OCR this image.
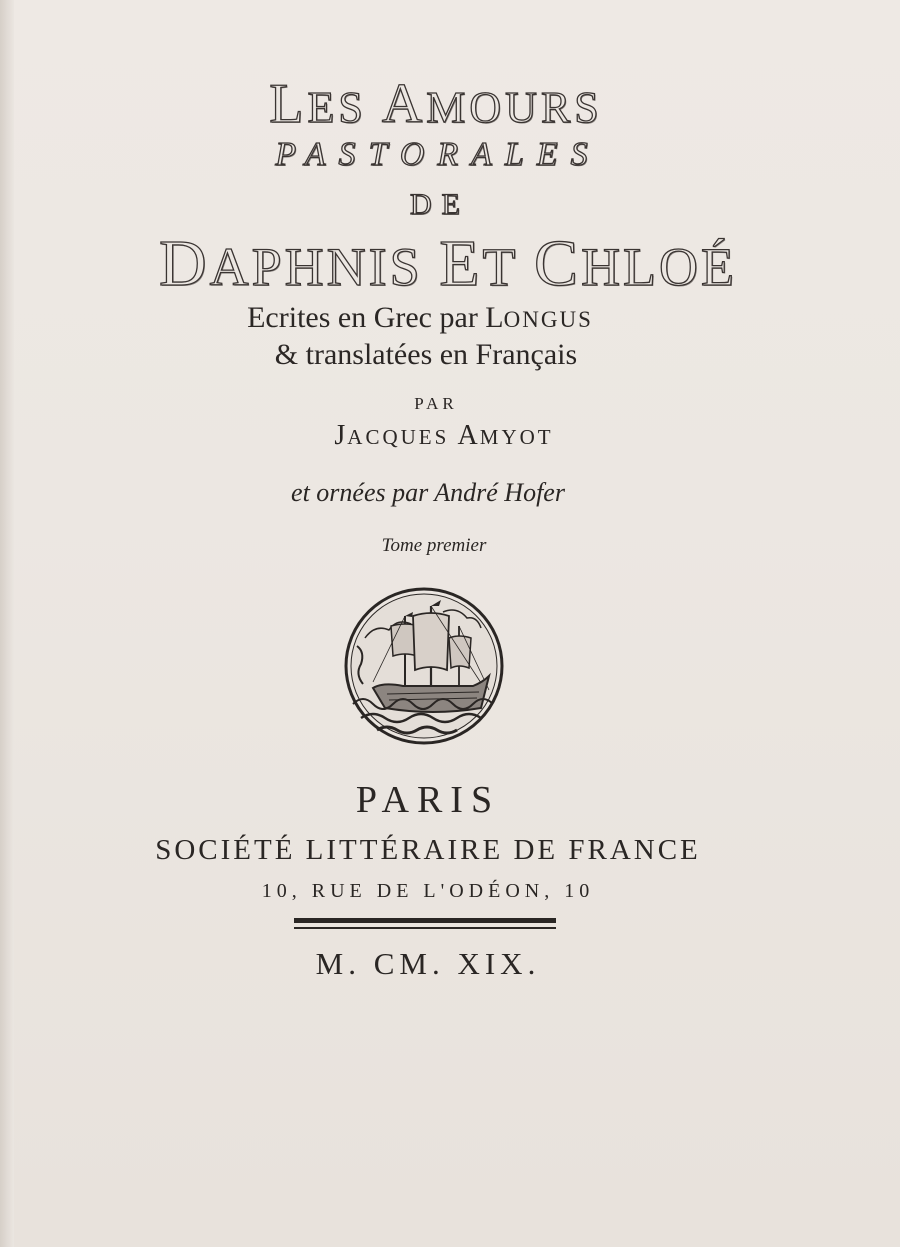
LES AMOURS
PASTORALES
DE
DAPHNIS ET CHLOÉ
Ecrites en Grec par LONGUS
& translatées en Français
PAR
JACQUES AMYOT
et ornées par André Hofer
Tome premier
PARIS
SOCIÉTÉ LITTÉRAIRE DE FRANCE
10, RUE DE L'ODÉON, 10
M. CM. XIX.
